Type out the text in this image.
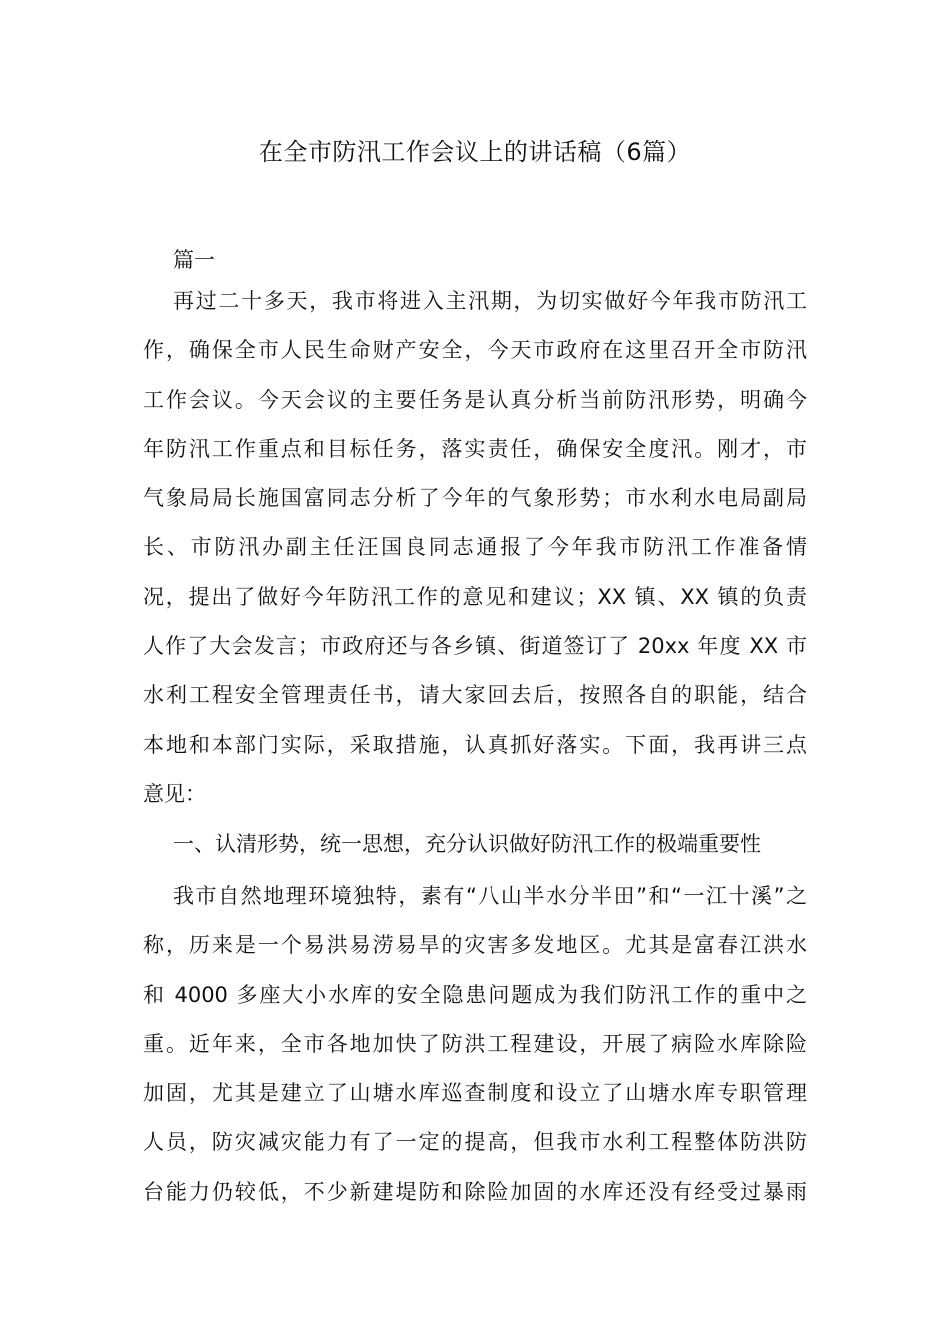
在全市防汛工作会议上的讲话稿（6篇）
篇一
再过二十多天，我市将进入主汛期，为切实做好今年我市防汛工
作，确保全市人民生命财产安全，今天市政府在这里召开全市防汛
工作会议。今天会议的主要任务是认真分析当前防汛形势，明确今
年防汛工作重点和目标任务，落实责任，确保安全度汛。刚才，市
气象局局长施国富同志分析了今年的气象形势；市水利水电局副局
长、市防汛办副主任汪国良同志通报了今年我市防汛工作准备情
况，提出了做好今年防汛工作的意见和建议；XX 镇、XX 镇的负责
人作了大会发言；市政府还与各乡镇、街道签订了 20xx 年度 XX 市
水利工程安全管理责任书，请大家回去后，按照各自的职能，结合
本地和本部门实际，采取措施，认真抓好落实。下面，我再讲三点
意见：
一、认清形势，统一思想，充分认识做好防汛工作的极端重要性
我市自然地理环境独特，素有“八山半水分半田”和“一江十溪”之
称，历来是一个易洪易涝易旱的灾害多发地区。尤其是富春江洪水
和 4000 多座大小水库的安全隐患问题成为我们防汛工作的重中之
重。近年来，全市各地加快了防洪工程建设，开展了病险水库除险
加固，尤其是建立了山塘水库巡查制度和设立了山塘水库专职管理
人员，防灾减灾能力有了一定的提高，但我市水利工程整体防洪防
台能力仍较低，不少新建堤防和除险加固的水库还没有经受过暴雨
